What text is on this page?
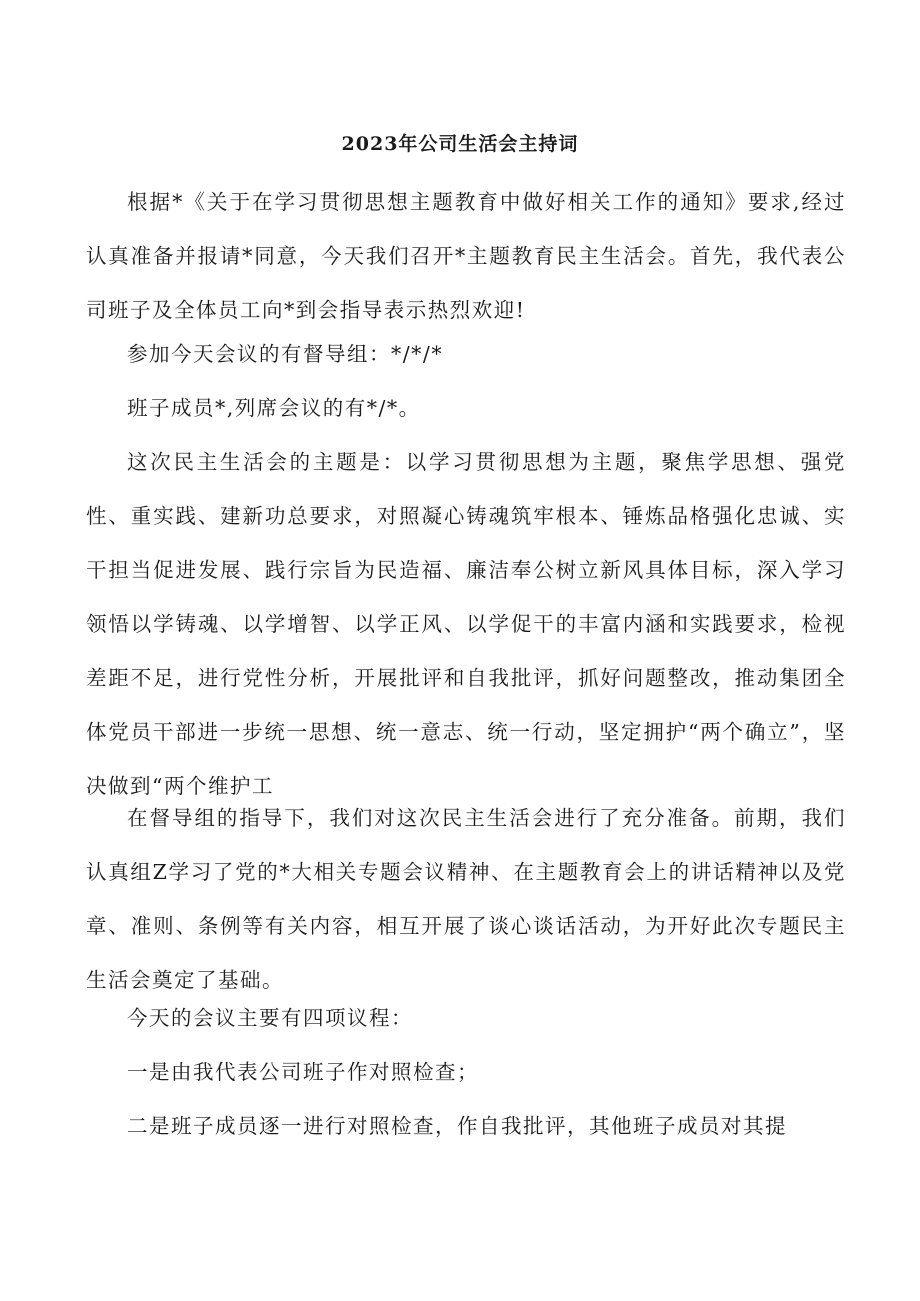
2023年公司生活会主持词

根据*《关于在学习贯彻思想主题教育中做好相关工作的通知》要求,经过认真准备并报请*同意，今天我们召开*主题教育民主生活会。首先，我代表公司班子及全体员工向*到会指导表示热烈欢迎!

参加今天会议的有督导组：*/*/*

班子成员*,列席会议的有*/*。

这次民主生活会的主题是：以学习贯彻思想为主题，聚焦学思想、强党性、重实践、建新功总要求，对照凝心铸魂筑牢根本、锤炼品格强化忠诚、实干担当促进发展、践行宗旨为民造福、廉洁奉公树立新风具体目标，深入学习领悟以学铸魂、以学增智、以学正风、以学促干的丰富内涵和实践要求，检视差距不足，进行党性分析，开展批评和自我批评，抓好问题整改，推动集团全体党员干部进一步统一思想、统一意志、统一行动，坚定拥护“两个确立”，坚决做到“两个维护工

在督导组的指导下，我们对这次民主生活会进行了充分准备。前期，我们认真组Z学习了党的*大相关专题会议精神、在主题教育会上的讲话精神以及党章、准则、条例等有关内容，相互开展了谈心谈话活动，为开好此次专题民主生活会奠定了基础。

今天的会议主要有四项议程：

一是由我代表公司班子作对照检查；

二是班子成员逐一进行对照检查，作自我批评，其他班子成员对其提
